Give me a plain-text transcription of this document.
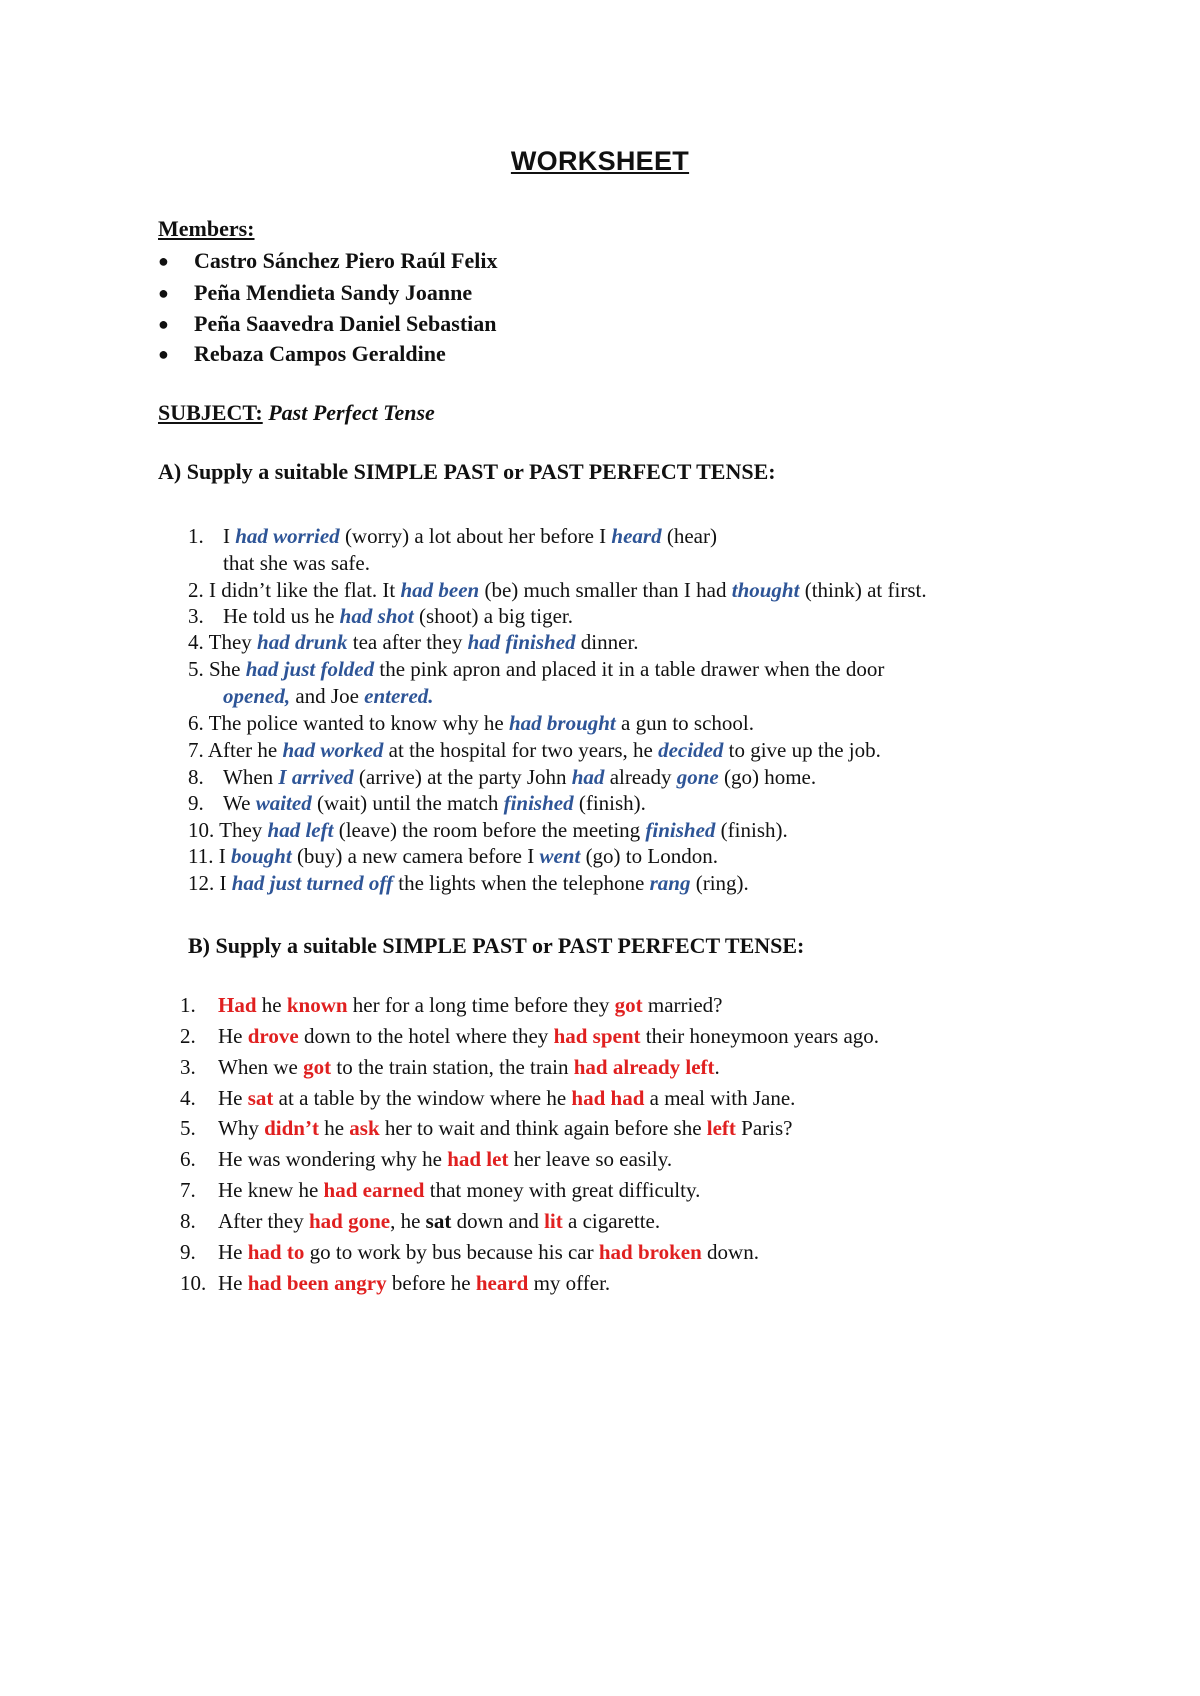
WORKSHEET
Members:
●	Castro Sánchez Piero Raúl Felix
●	Peña Mendieta Sandy Joanne
●	Peña Saavedra Daniel Sebastian
●	Rebaza Campos Geraldine
SUBJECT: Past Perfect Tense
A) Supply a suitable SIMPLE PAST or PAST PERFECT TENSE:
1. I had worried (worry) a lot about her before I heard (hear)
that she was safe.
2. I didn’t like the flat. It had been (be) much smaller than I had thought (think) at first.
3. He told us he had shot (shoot) a big tiger.
4. They had drunk tea after they had finished dinner.
5. She had just folded the pink apron and placed it in a table drawer when the door
opened, and Joe entered.
6. The police wanted to know why he had brought a gun to school.
7. After he had worked at the hospital for two years, he decided to give up the job.
8. When I arrived (arrive) at the party John had already gone (go) home.
9. We waited (wait) until the match finished (finish).
10. They had left (leave) the room before the meeting finished (finish).
11. I bought (buy) a new camera before I went (go) to London.
12. I had just turned off the lights when the telephone rang (ring).
B) Supply a suitable SIMPLE PAST or PAST PERFECT TENSE:
1. Had he known her for a long time before they got married?
2. He drove down to the hotel where they had spent their honeymoon years ago.
3. When we got to the train station, the train had already left.
4. He sat at a table by the window where he had had a meal with Jane.
5. Why didn’t he ask her to wait and think again before she left Paris?
6. He was wondering why he had let her leave so easily.
7. He knew he had earned that money with great difficulty.
8. After they had gone, he sat down and lit a cigarette.
9. He had to go to work by bus because his car had broken down.
10. He had been angry before he heard my offer.
